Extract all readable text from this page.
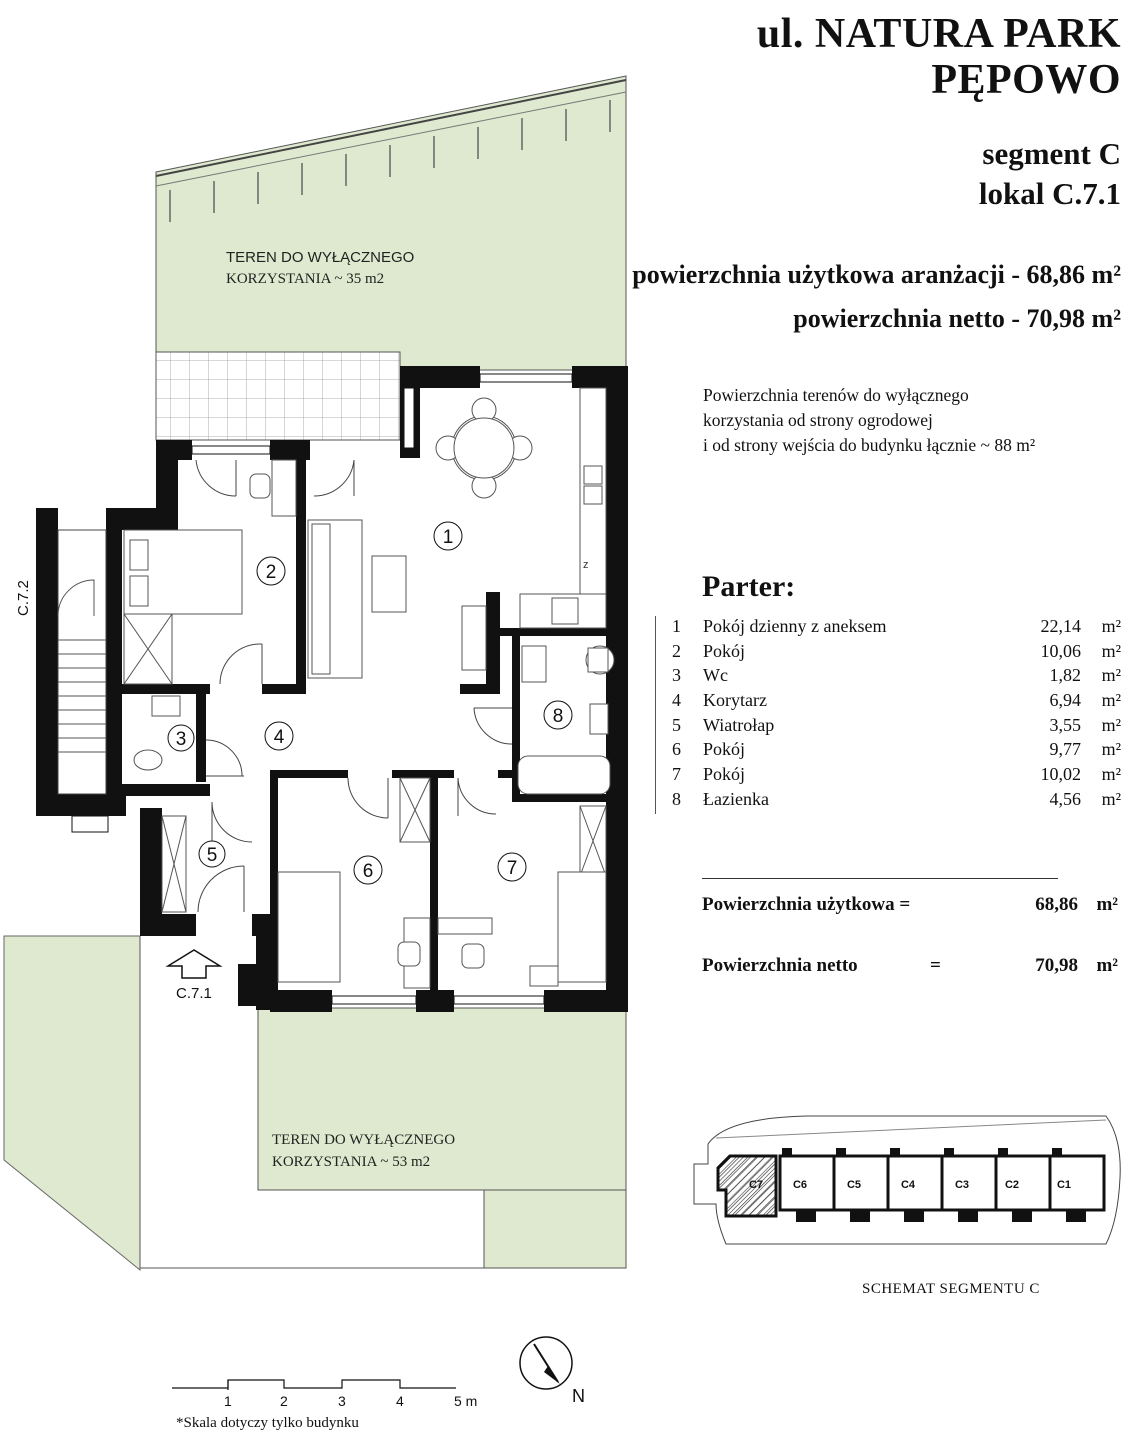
ul. NATURA PARK
PĘPOWO
segment C
lokal C.7.1
powierzchnia użytkowa aranżacji - 68,86 m²
powierzchnia netto - 70,98 m²
Powierzchnia terenów do wyłącznego
korzystania od strony ogrodowej
i od strony wejścia do budynku łącznie ~ 88 m²
Parter:
1 Pokój dzienny z aneksem	22,14 m²
2 Pokój	10,06 m²
3 Wc	1,82 m²
4 Korytarz	6,94 m²
5 Wiatrołap	3,55 m²
6 Pokój	9,77 m²
7 Pokój	10,02 m²
8 Łazienka	4,56 m²
Powierzchnia użytkowa =	68,86 m²
Powierzchnia netto	=	70,98 m²
TEREN DO WYŁĄCZNEGO
KORZYSTANIA ~ 35 m2
TEREN DO WYŁĄCZNEGO
KORZYSTANIA ~ 53 m2
C.7.2
z
1
2
3	4
5
6	7
8
C.7.1
1	2	3	4	5 m	N
*Skala dotyczy tylko budynku
C7	C6	C5	C4	C3	C2	C1
SCHEMAT SEGMENTU C
